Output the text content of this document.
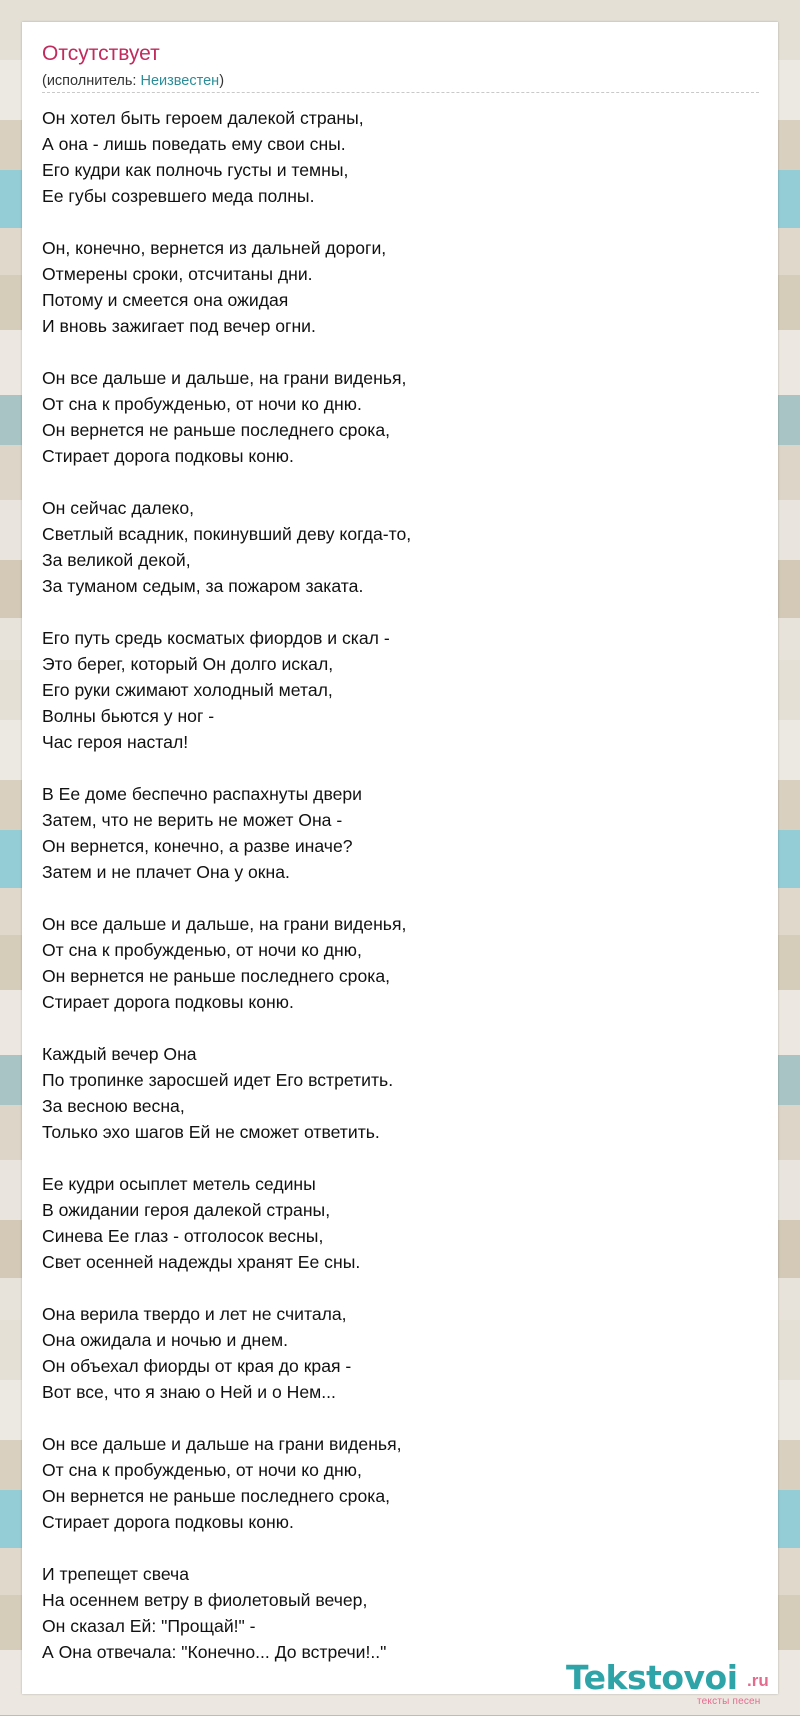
Отсутствует
(исполнитель: Неизвестен)
Он хотел быть героем далекой страны,
А она - лишь поведать ему свои сны.
Его кудри как полночь густы и темны,
Ее губы созревшего меда полны.
Он, конечно, вернется из дальней дороги,
Отмерены сроки, отсчитаны дни.
Потому и смеется она ожидая
И вновь зажигает под вечер огни.
Он все дальше и дальше, на грани виденья,
От сна к пробужденью, от ночи ко дню.
Он вернется не раньше последнего срока,
Стирает дорога подковы коню.
Он сейчас далеко,
Светлый всадник, покинувший деву когда-то,
За великой декой,
За туманом седым, за пожаром заката.
Его путь средь косматых фиордов и скал -
Это берег, который Он долго искал,
Его руки сжимают холодный метал,
Волны бьются у ног -
Час героя настал!
В Ее доме беспечно распахнуты двери
Затем, что не верить не может Она -
Он вернется, конечно, а разве иначе?
Затем и не плачет Она у окна.
Он все дальше и дальше, на грани виденья,
От сна к пробужденью, от ночи ко дню,
Он вернется не раньше последнего срока,
Стирает дорога подковы коню.
Каждый вечер Она
По тропинке заросшей идет Его встретить.
За весною весна,
Только эхо шагов Ей не сможет ответить.
Ее кудри осыплет метель седины
В ожидании героя далекой страны,
Синева Ее глаз - отголосок весны,
Свет осенней надежды хранят Ее сны.
Она верила твердо и лет не считала,
Она ожидала и ночью и днем.
Он объехал фиорды от края до края -
Вот все, что я знаю о Ней и о Нем...
Он все дальше и дальше на грани виденья,
От сна к пробужденью, от ночи ко дню,
Он вернется не раньше последнего срока,
Стирает дорога подковы коню.
И трепещет свеча
На осеннем ветру в фиолетовый вечер,
Он сказал Ей: "Прощай!" -
А Она отвечала: "Конечно... До встречи!.."
Tekstovoi .ru
тексты песен
